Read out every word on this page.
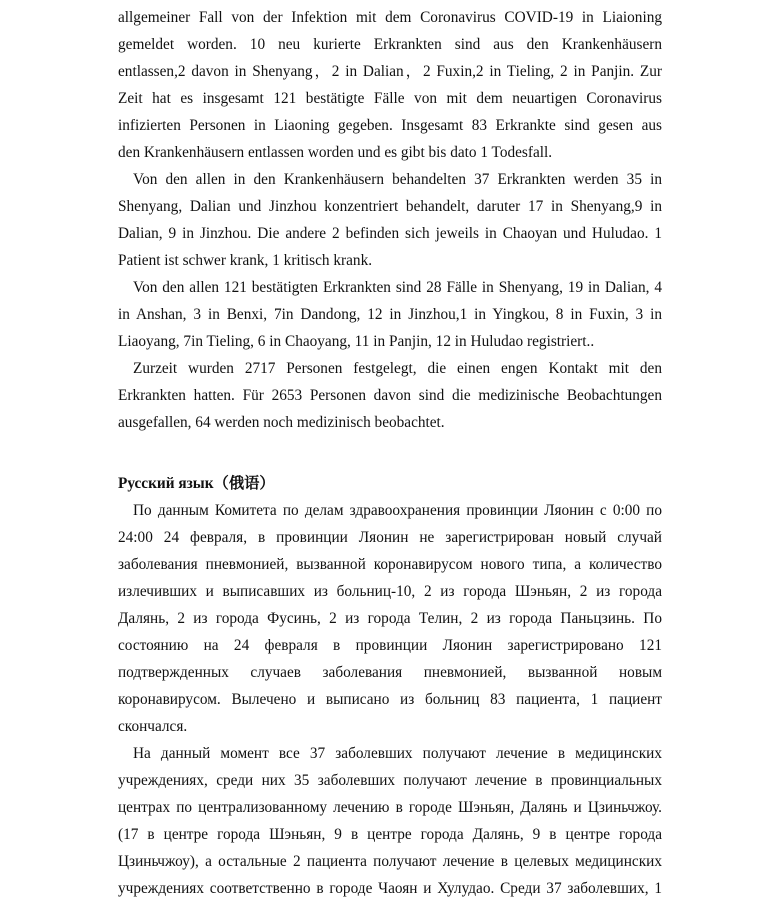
allgemeiner Fall von der Infektion mit dem Coronavirus COVID-19 in Liaioning
gemeldet worden. 10 neu kurierte Erkrankten sind aus den Krankenhäusern
entlassen,2 davon in Shenyang，2 in Dalian，2 Fuxin,2 in Tieling, 2 in Panjin. Zur
Zeit hat es insgesamt 121 bestätigte Fälle von mit dem neuartigen Coronavirus
infizierten Personen in Liaoning gegeben. Insgesamt 83 Erkrankte sind gesen aus
den Krankenhäusern entlassen worden und es gibt bis dato 1 Todesfall.
Von den allen in den Krankenhäusern behandelten 37 Erkrankten werden 35 in
Shenyang, Dalian und Jinzhou konzentriert behandelt, daruter 17 in Shenyang,9 in
Dalian, 9 in Jinzhou. Die andere 2 befinden sich jeweils in Chaoyan und Huludao. 1
Patient ist schwer krank, 1 kritisch krank.
Von den allen 121 bestätigten Erkrankten sind 28 Fälle in Shenyang, 19 in Dalian, 4
in Anshan, 3 in Benxi, 7in Dandong, 12 in Jinzhou,1 in Yingkou, 8 in Fuxin, 3 in
Liaoyang, 7in Tieling, 6 in Chaoyang, 11 in Panjin, 12 in Huludao registriert..
Zurzeit wurden 2717 Personen festgelegt, die einen engen Kontakt mit den
Erkrankten hatten. Für 2653 Personen davon sind die medizinische Beobachtungen
ausgefallen, 64 werden noch medizinisch beobachtet.
Русский язык（俄语）
По данным Комитета по делам здравоохранения провинции Ляонин с 0:00 по
24:00 24 февраля, в провинции Ляонин не зарегистрирован новый случай
заболевания пневмонией, вызванной коронавирусом нового типа, а количество
излечивших и выписавших из больниц-10, 2 из города Шэньян, 2 из города
Далянь, 2 из города Фусинь, 2 из города Телин, 2 из города Паньцзинь. По
состоянию на 24 февраля в провинции Ляонин зарегистрировано 121
подтвержденных случаев заболевания пневмонией, вызванной новым
коронавирусом. Вылечено и выписано из больниц 83 пациента, 1 пациент
скончался.
На данный момент все 37 заболевших получают лечение в медицинских
учреждениях, среди них 35 заболевших получают лечение в провинциальных
центрах по централизованному лечению в городе Шэньян, Далянь и Цзиньчжоу.
(17 в центре города Шэньян, 9 в центре города Далянь, 9 в центре города
Цзиньчжоу), а остальные 2 пациента получают лечение в целевых медицинских
учреждениях соответственно в городе Чаоян и Хулудао. Среди 37 заболевших, 1
